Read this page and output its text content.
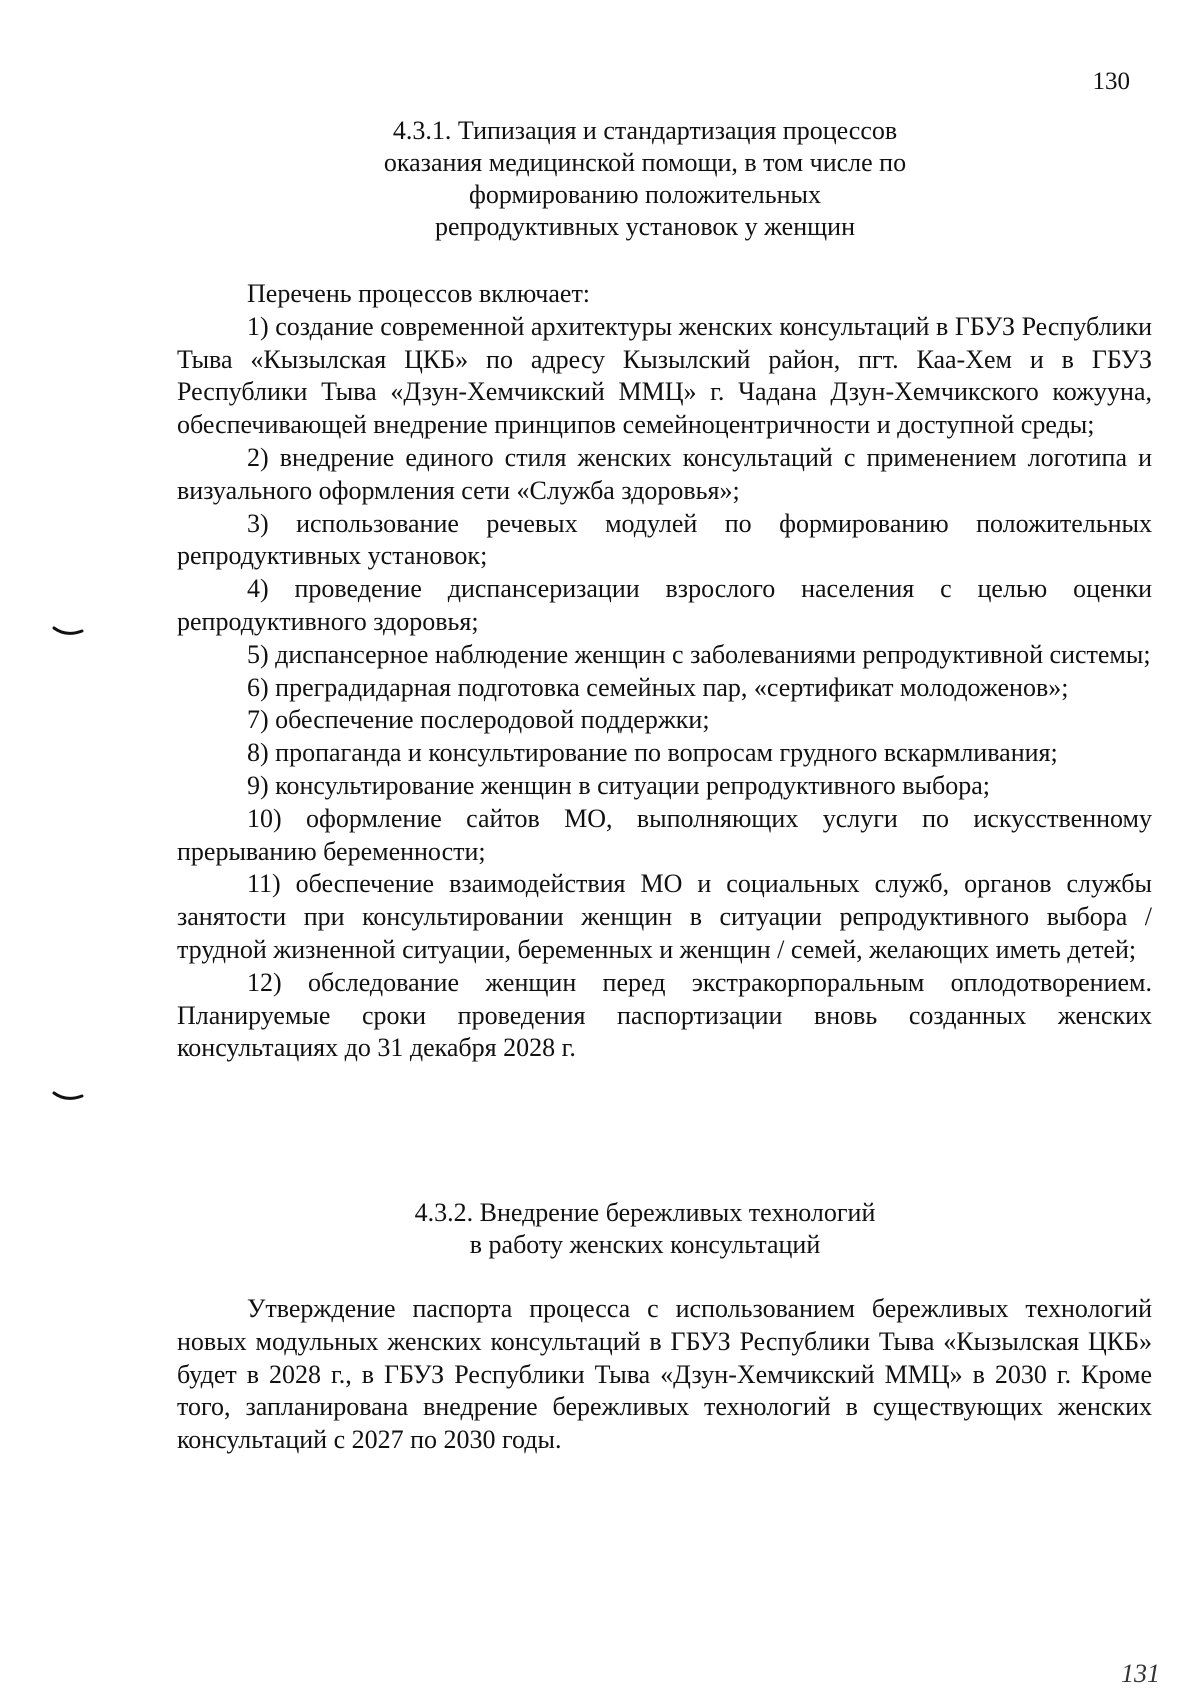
130
4.3.1. Типизация и стандартизация процессов
оказания медицинской помощи, в том числе по
формированию положительных
репродуктивных установок у женщин

Перечень процессов включает:

1) создание современной архитектуры женских консультаций в ГБУЗ Республики Тыва «Кызылская ЦКБ» по адресу Кызылский район, пгт. Каа-Хем и в ГБУЗ Республики Тыва «Дзун-Хемчикский ММЦ» г. Чадана Дзун-Хемчикского кожууна, обеспечивающей внедрение принципов семейноцентричности и доступной среды;
2) внедрение единого стиля женских консультаций с применением логотипа и визуального оформления сети «Служба здоровья»;
3) использование речевых модулей по формированию положительных репродуктивных установок;
4) проведение диспансеризации взрослого населения с целью оценки репродуктивного здоровья;
5) диспансерное наблюдение женщин с заболеваниями репродуктивной системы;
6) преградидарная подготовка семейных пар, «сертификат молодоженов»;
7) обеспечение послеродовой поддержки;
8) пропаганда и консультирование по вопросам грудного вскармливания;
9) консультирование женщин в ситуации репродуктивного выбора;
10) оформление сайтов МО, выполняющих услуги по искусственному прерыванию беременности;
11) обеспечение взаимодействия МО и социальных служб, органов службы занятости при консультировании женщин в ситуации репродуктивного выбора / трудной жизненной ситуации, беременных и женщин / семей, желающих иметь детей;
12) обследование женщин перед экстракорпоральным оплодотворением. Планируемые сроки проведения паспортизации вновь созданных женских консультациях до 31 декабря 2028 г.
4.3.2. Внедрение бережливых технологий
в работу женских консультаций

Утверждение паспорта процесса с использованием бережливых технологий новых модульных женских консультаций в ГБУЗ Республики Тыва «Кызылская ЦКБ» будет в 2028 г., в ГБУЗ Республики Тыва «Дзун-Хемчикский ММЦ» в 2030 г. Кроме того, запланирована внедрение бережливых технологий в существующих женских консультаций с 2027 по 2030 годы.

131
